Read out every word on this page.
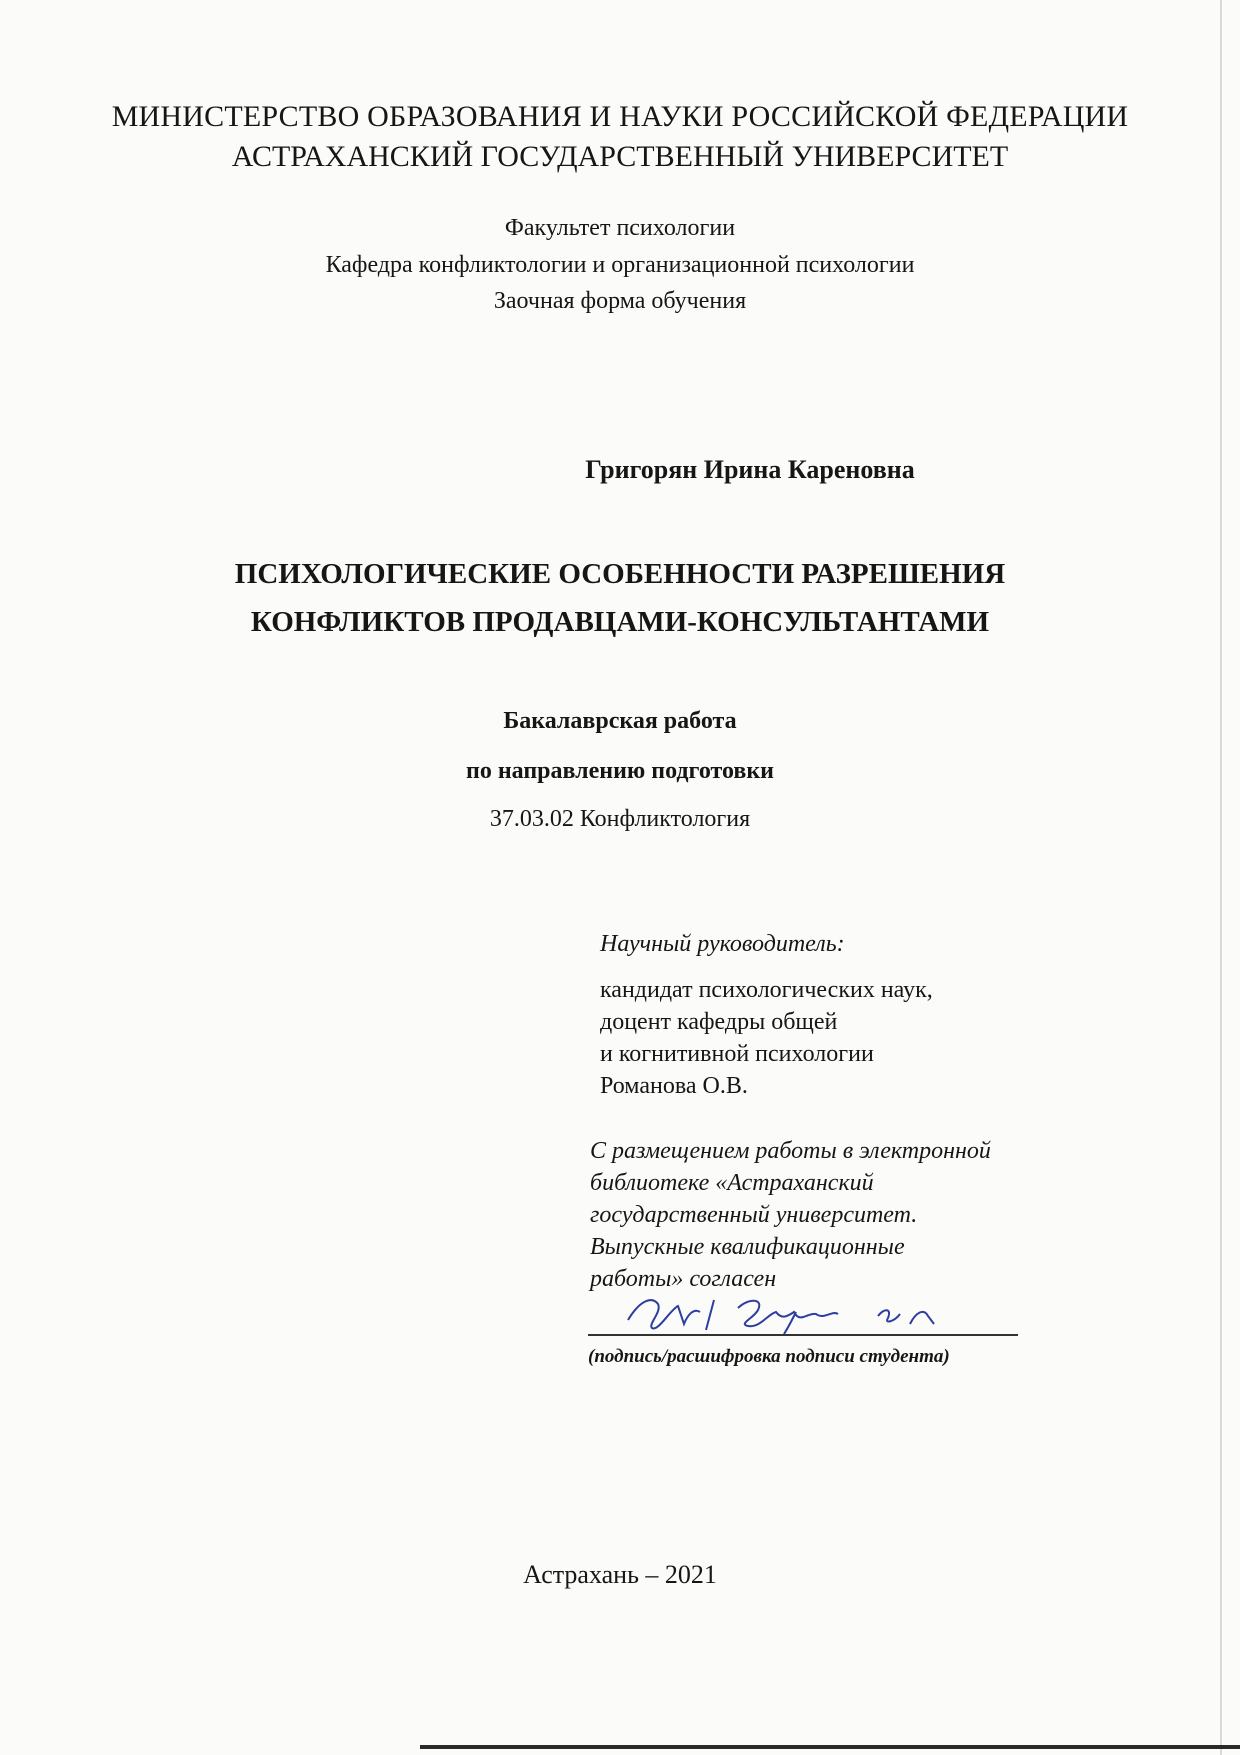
МИНИСТЕРСТВО ОБРАЗОВАНИЯ И НАУКИ РОССИЙСКОЙ ФЕДЕРАЦИИ
АСТРАХАНСКИЙ ГОСУДАРСТВЕННЫЙ УНИВЕРСИТЕТ
Факультет психологии
Кафедра конфликтологии и организационной психологии
Заочная форма обучения
Григорян Ирина Кареновна
ПСИХОЛОГИЧЕСКИЕ ОСОБЕННОСТИ РАЗРЕШЕНИЯ
КОНФЛИКТОВ ПРОДАВЦАМИ-КОНСУЛЬТАНТАМИ
Бакалаврская работа
по направлению подготовки
37.03.02 Конфликтология
Научный руководитель:
кандидат психологических наук,
доцент кафедры общей
и когнитивной психологии
Романова О.В.
С размещением работы в электронной
библиотеке «Астраханский
государственный университет.
Выпускные квалификационные
работы» согласен
(подпись/расшифровка подписи студента)
Астрахань – 2021
